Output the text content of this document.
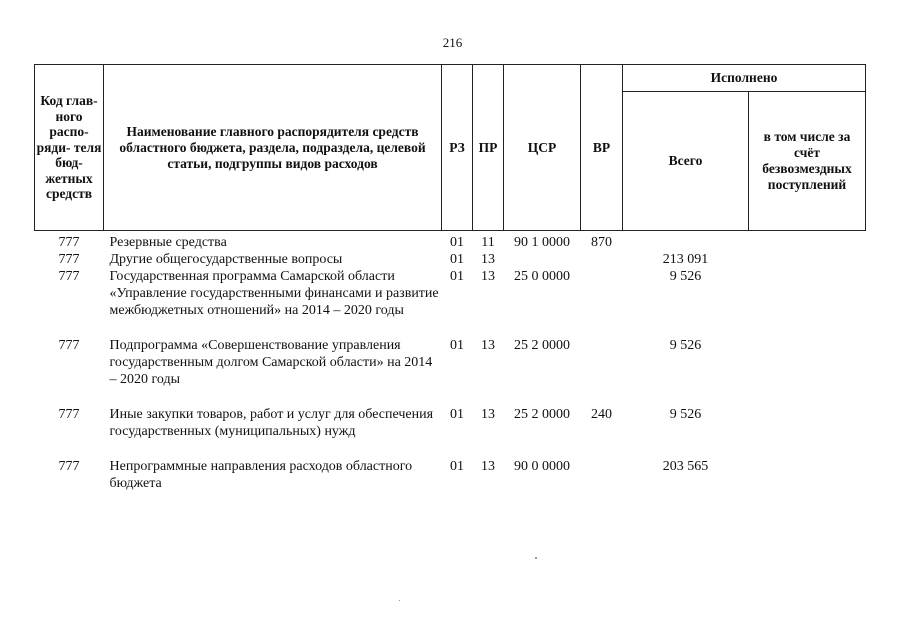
216
Код глав- ного распо- ряди- теля бюд- жетных средств	Наименование главного распорядителя средств областного бюджета, раздела, подраздела, целевой статьи, подгруппы видов расходов	РЗ	ПР	ЦСР	ВР	Исполнено	
						Всего	в том числе за счёт безвозмездных поступлений
777	Резервные средства	01	11	90 1 0000	870		
777	Другие общегосударственные вопросы	01	13			213 091	
777	Государственная программа Самарской области «Управление государственными финансами и развитие межбюджетных отношений» на 2014 – 2020 годы	01	13	25 0 0000		9 526	
777	Подпрограмма «Совершенствование управления государственным долгом Самарской области» на 2014 – 2020 годы	01	13	25 2 0000		9 526	
777	Иные закупки товаров, работ и услуг для обеспечения государственных (муниципальных) нужд	01	13	25 2 0000	240	9 526	
777	Непрограммные направления расходов областного бюджета	01	13	90 0 0000		203 565	
